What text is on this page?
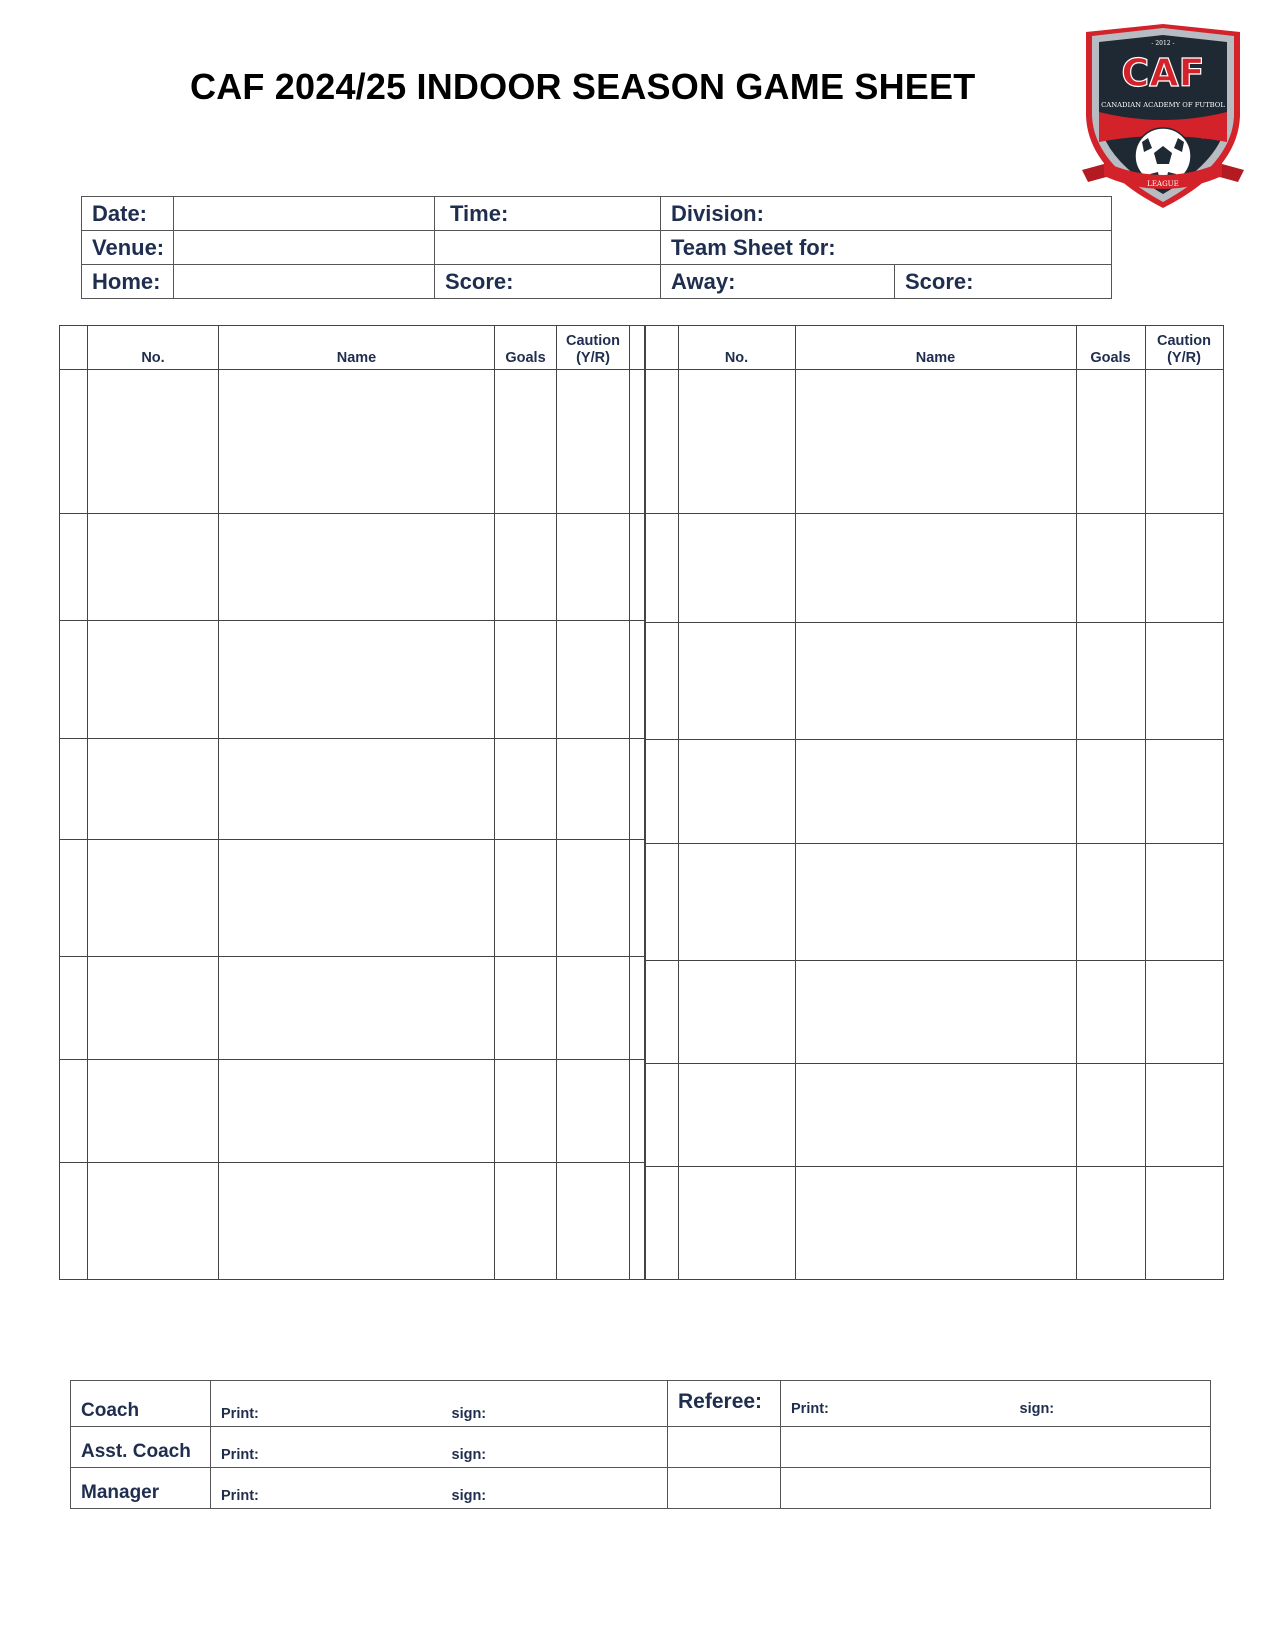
CAF 2024/25 INDOOR SEASON GAME SHEET
- 2012 -
CAF
CANADIAN ACADEMY OF FUTBOL
LEAGUE
Date:		Time:	Division:	
Venue:			Team Sheet for:	
Home:		Score:	Away:	Score:
	No.	Name	Goals	Caution
(Y/R)	

		No.	Name	Goals	Caution
(Y/R)

Coach	Print:	sign:	Referee:	Print:	sign:
Asst. Coach	Print:	sign:			
Manager	Print:	sign:			
